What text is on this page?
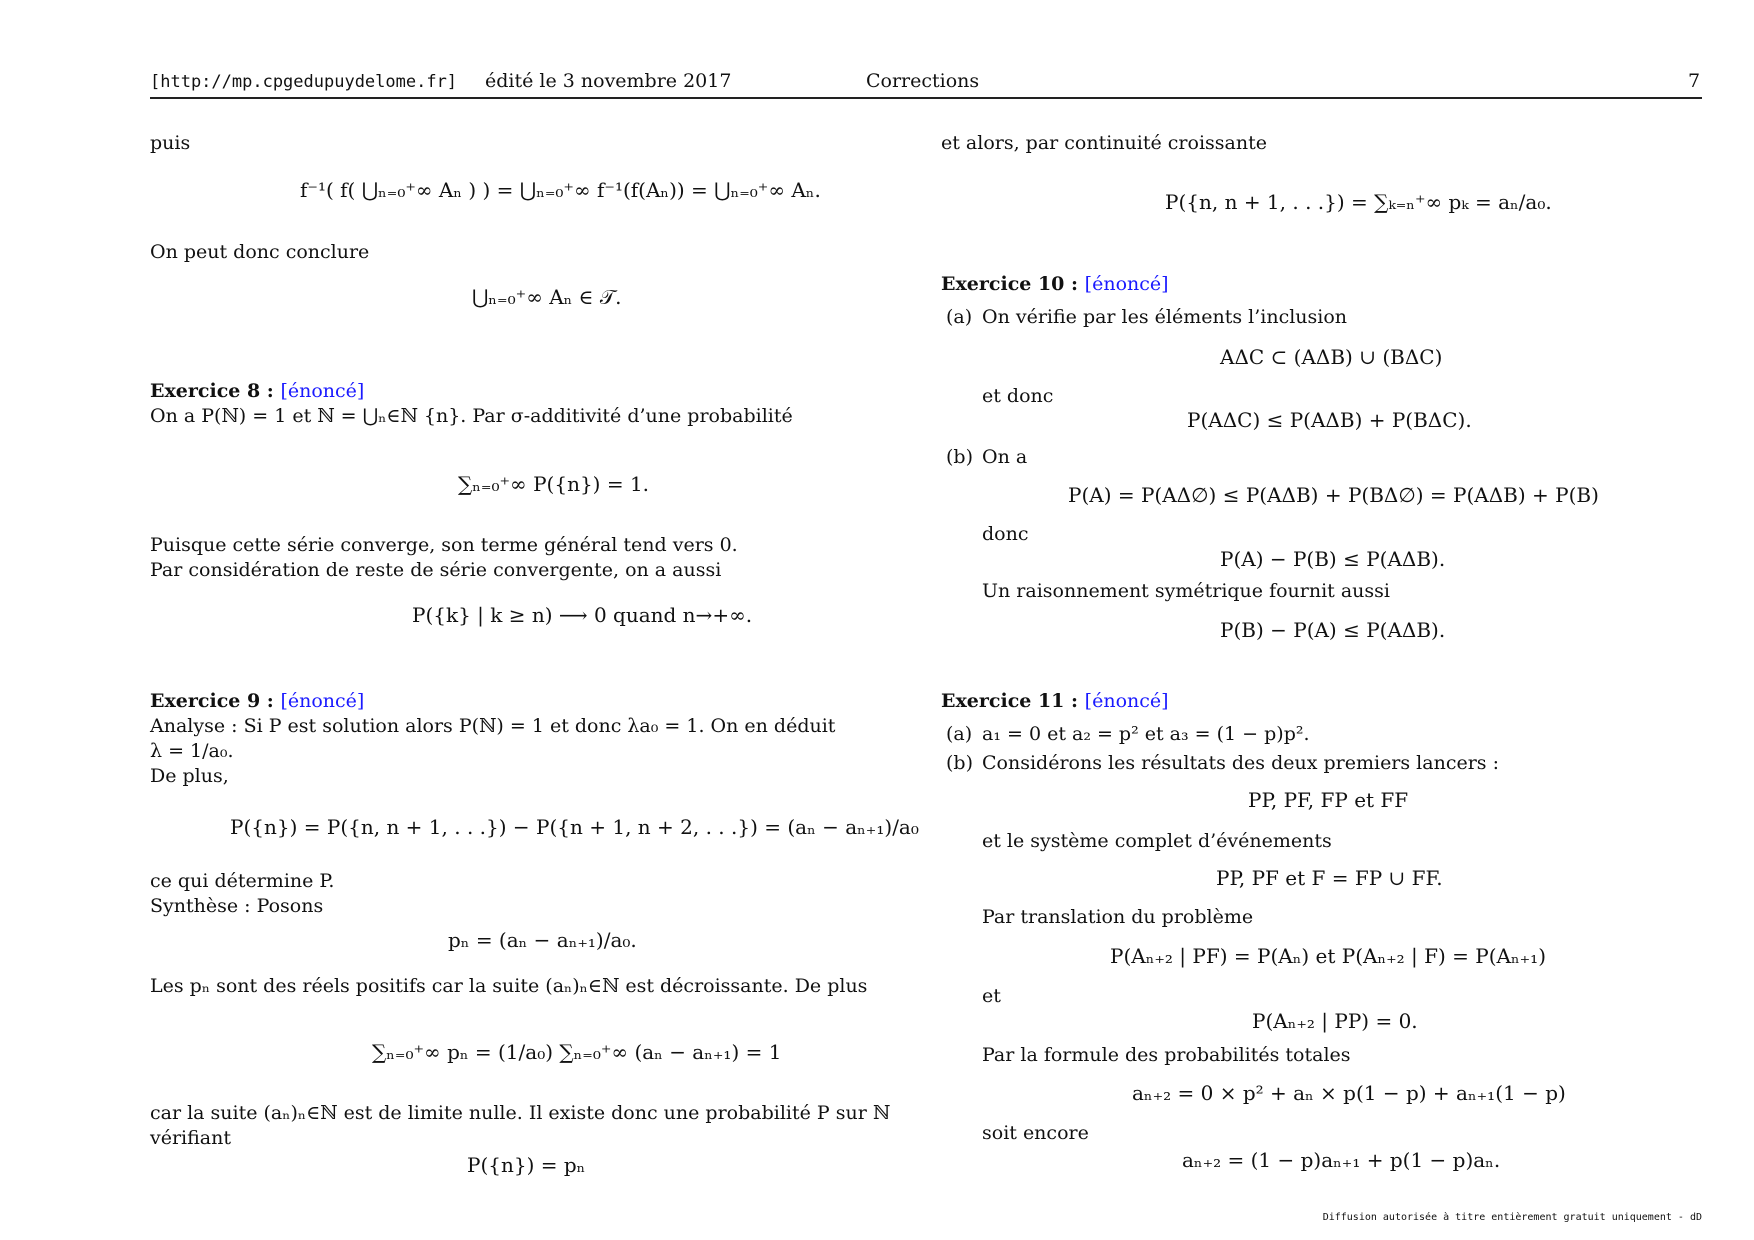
[http://mp.cpgedupuydelome.fr] édité le 3 novembre 2017	Corrections	7
puis
f⁻¹( f( ⋃ₙ₌₀⁺∞ Aₙ ) ) = ⋃ₙ₌₀⁺∞ f⁻¹(f(Aₙ)) = ⋃ₙ₌₀⁺∞ Aₙ.
On peut donc conclure
⋃ₙ₌₀⁺∞ Aₙ ∈ 𝒯.
Exercice 8 : [énoncé]
On a P(ℕ) = 1 et ℕ = ⋃ₙ∈ℕ {n}. Par σ-additivité d’une probabilité
∑ₙ₌₀⁺∞ P({n}) = 1.
Puisque cette série converge, son terme général tend vers 0.
Par considération de reste de série convergente, on a aussi
P({k} | k ≥ n) ⟶ 0 quand n→+∞.
Exercice 9 : [énoncé]
Analyse : Si P est solution alors P(ℕ) = 1 et donc λa₀ = 1. On en déduit
λ = 1/a₀.
De plus,
P({n}) = P({n, n + 1, . . .}) − P({n + 1, n + 2, . . .}) = (aₙ − aₙ₊₁)/a₀
ce qui détermine P.
Synthèse : Posons
pₙ = (aₙ − aₙ₊₁)/a₀.
Les pₙ sont des réels positifs car la suite (aₙ)ₙ∈ℕ est décroissante. De plus
∑ₙ₌₀⁺∞ pₙ = (1/a₀) ∑ₙ₌₀⁺∞ (aₙ − aₙ₊₁) = 1
car la suite (aₙ)ₙ∈ℕ est de limite nulle. Il existe donc une probabilité P sur ℕ
vérifiant
P({n}) = pₙ
et alors, par continuité croissante
P({n, n + 1, . . .}) = ∑ₖ₌ₙ⁺∞ pₖ = aₙ/a₀.
Exercice 10 : [énoncé]
(a) On vérifie par les éléments l’inclusion
AΔC ⊂ (AΔB) ∪ (BΔC)
et donc
P(AΔC) ≤ P(AΔB) + P(BΔC).
(b) On a
P(A) = P(AΔ∅) ≤ P(AΔB) + P(BΔ∅) = P(AΔB) + P(B)
donc
P(A) − P(B) ≤ P(AΔB).
Un raisonnement symétrique fournit aussi
P(B) − P(A) ≤ P(AΔB).
Exercice 11 : [énoncé]
(a) a₁ = 0 et a₂ = p² et a₃ = (1 − p)p².
(b) Considérons les résultats des deux premiers lancers :
PP, PF, FP et FF
et le système complet d’événements
PP, PF et F = FP ∪ FF.
Par translation du problème
P(Aₙ₊₂ | PF) = P(Aₙ) et P(Aₙ₊₂ | F) = P(Aₙ₊₁)
et
P(Aₙ₊₂ | PP) = 0.
Par la formule des probabilités totales
aₙ₊₂ = 0 × p² + aₙ × p(1 − p) + aₙ₊₁(1 − p)
soit encore
aₙ₊₂ = (1 − p)aₙ₊₁ + p(1 − p)aₙ.
Diffusion autorisée à titre entièrement gratuit uniquement - dD
